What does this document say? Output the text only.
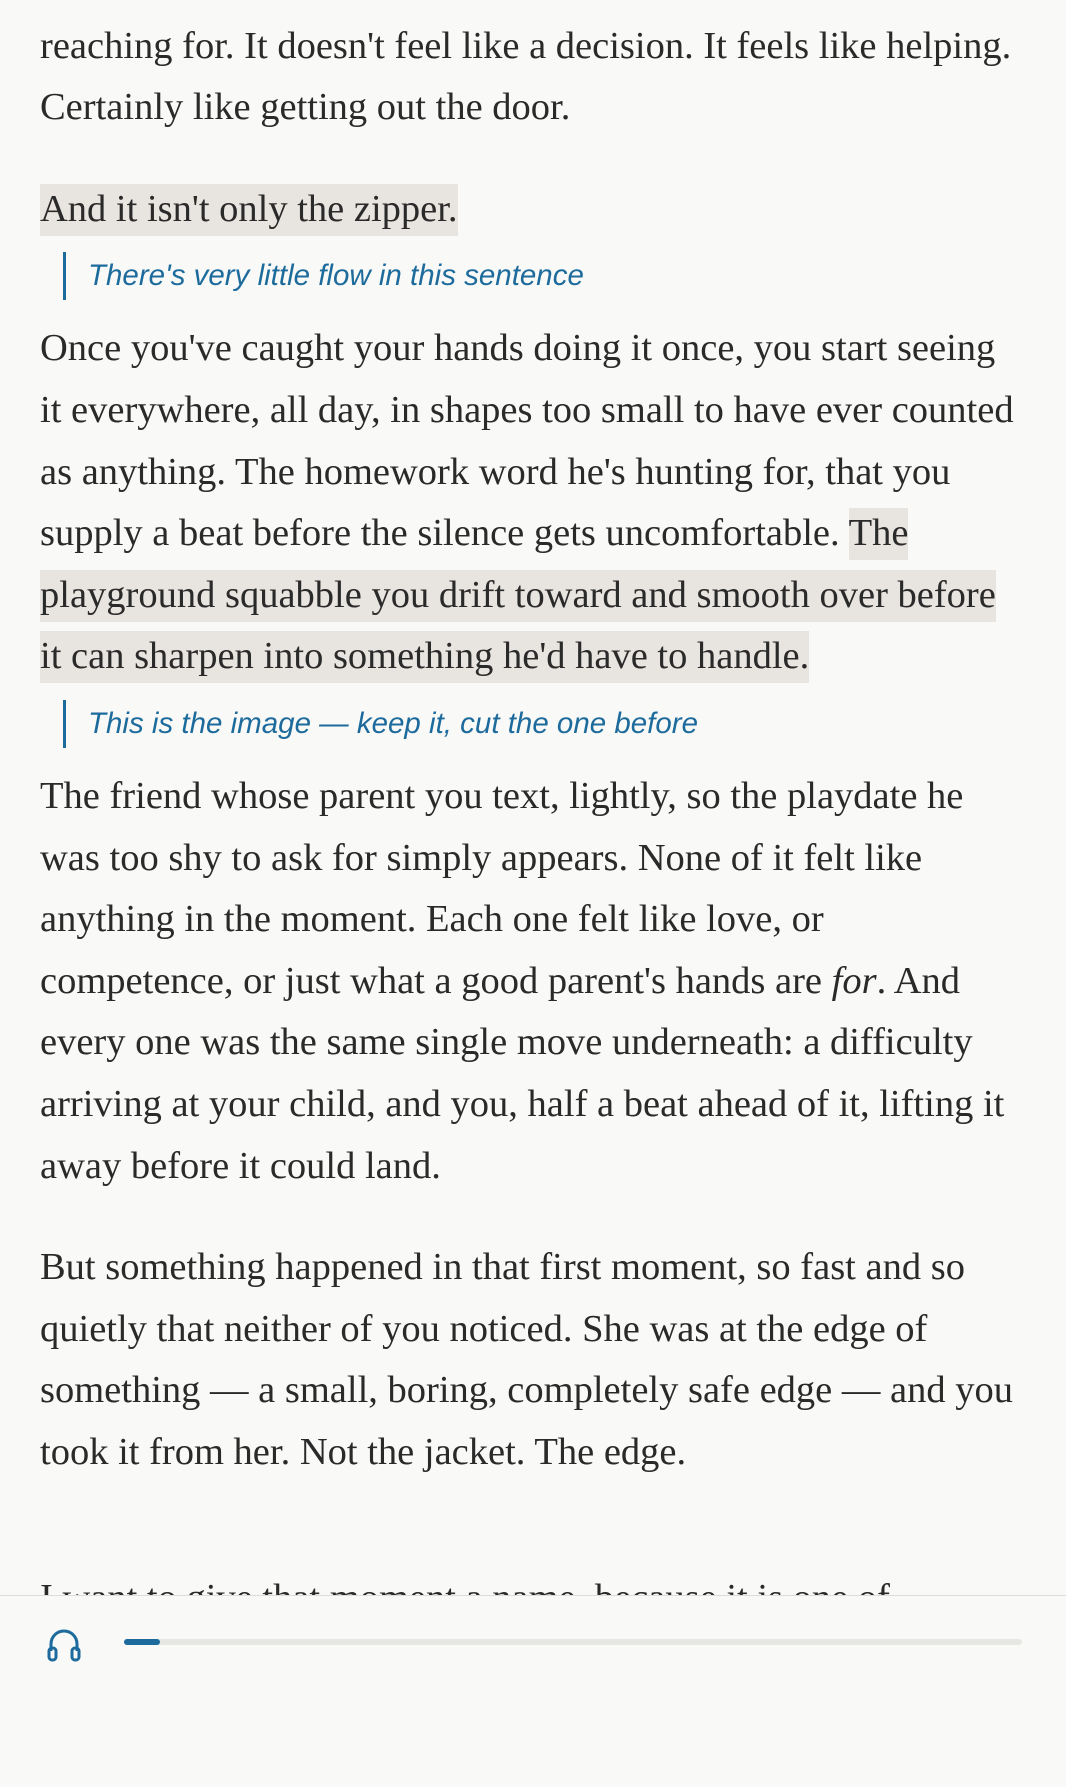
reaching for. It doesn't feel like a decision. It feels like helping. Certainly like getting out the door.

And it isn't only the zipper.

There's very little flow in this sentence

Once you've caught your hands doing it once, you start seeing it everywhere, all day, in shapes too small to have ever counted as anything. The homework word he's hunting for, that you supply a beat before the silence gets uncomfortable. The playground squabble you drift toward and smooth over before it can sharpen into something he'd have to handle.

This is the image — keep it, cut the one before

The friend whose parent you text, lightly, so the playdate he was too shy to ask for simply appears. None of it felt like anything in the moment. Each one felt like love, or competence, or just what a good parent's hands are for. And every one was the same single move underneath: a difficulty arriving at your child, and you, half a beat ahead of it, lifting it away before it could land.

But something happened in that first moment, so fast and so quietly that neither of you noticed. She was at the edge of something — a small, boring, completely safe edge — and you took it from her. Not the jacket. The edge.
